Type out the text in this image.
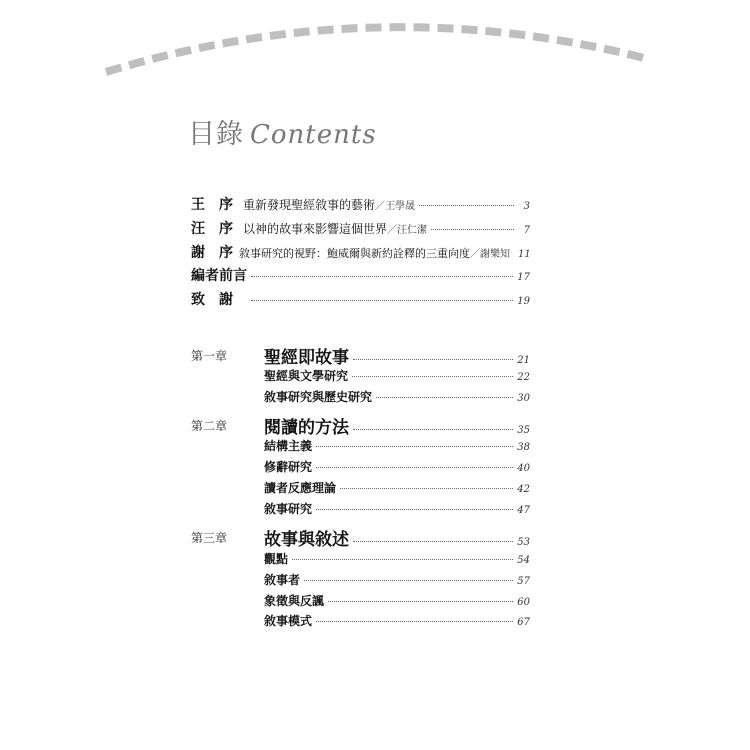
目錄 Contents
王　序 重新發現聖經敘事的藝術 ／王學晟	3
汪　序 以神的故事來影響這個世界 ／汪仁潔	7
謝　序 敘事研究的視野：鮑威爾與新約詮釋的三重向度 ／謝樂知 11
編者前言	17
致　謝	19
第一章 聖經即故事	21
聖經與文學研究	22
敘事研究與歷史研究	30
第二章 閱讀的方法	35
結構主義	38
修辭研究	40
讀者反應理論	42
敘事研究	47
第三章 故事與敘述	53
觀點	54
敘事者	57
象徵與反諷	60
敘事模式	67
